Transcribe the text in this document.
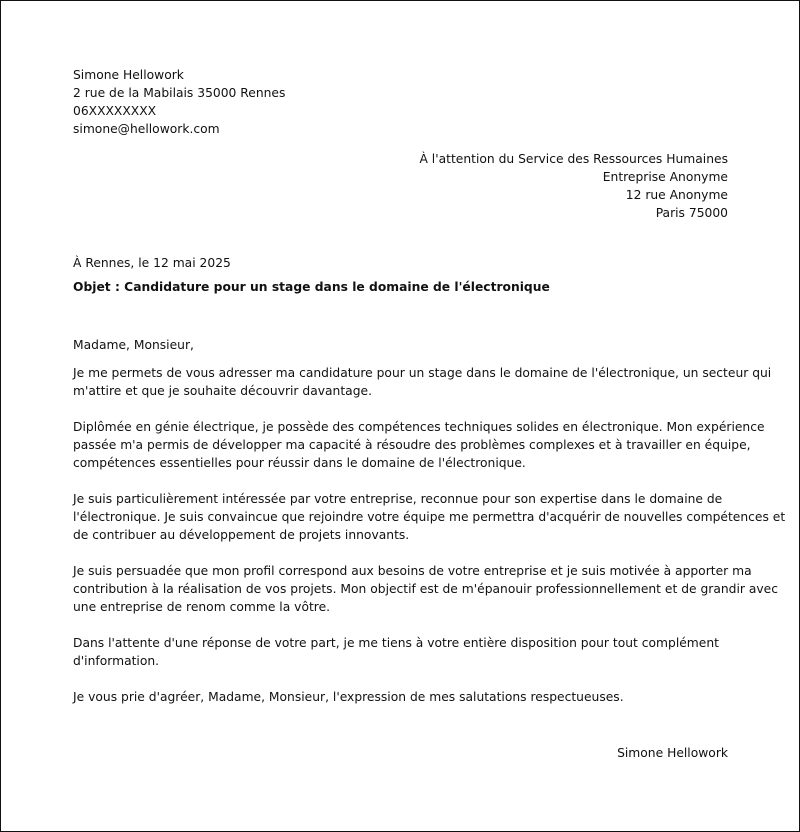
Simone Hellowork
2 rue de la Mabilais 35000 Rennes
06XXXXXXXX
simone@hellowork.com
À l'attention du Service des Ressources Humaines
Entreprise Anonyme
12 rue Anonyme
Paris 75000
À Rennes, le 12 mai 2025
Objet : Candidature pour un stage dans le domaine de l'électronique
Madame, Monsieur,
Je me permets de vous adresser ma candidature pour un stage dans le domaine de l'électronique, un secteur qui
m'attire et que je souhaite découvrir davantage.
Diplômée en génie électrique, je possède des compétences techniques solides en électronique. Mon expérience
passée m'a permis de développer ma capacité à résoudre des problèmes complexes et à travailler en équipe,
compétences essentielles pour réussir dans le domaine de l'électronique.
Je suis particulièrement intéressée par votre entreprise, reconnue pour son expertise dans le domaine de
l'électronique. Je suis convaincue que rejoindre votre équipe me permettra d'acquérir de nouvelles compétences et
de contribuer au développement de projets innovants.
Je suis persuadée que mon profil correspond aux besoins de votre entreprise et je suis motivée à apporter ma
contribution à la réalisation de vos projets. Mon objectif est de m'épanouir professionnellement et de grandir avec
une entreprise de renom comme la vôtre.
Dans l'attente d'une réponse de votre part, je me tiens à votre entière disposition pour tout complément
d'information.
Je vous prie d'agréer, Madame, Monsieur, l'expression de mes salutations respectueuses.
Simone Hellowork
